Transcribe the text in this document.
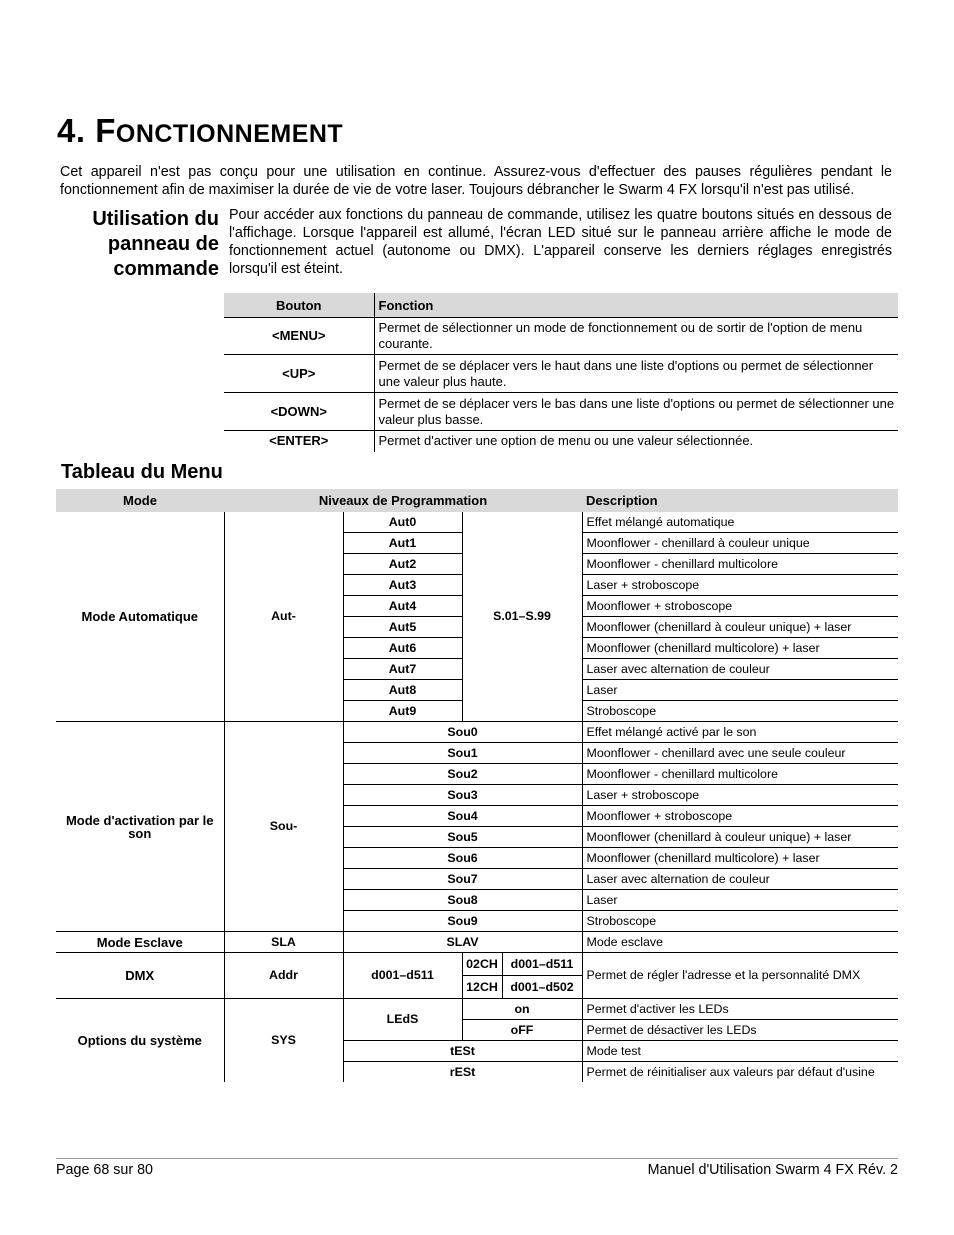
4. FONCTIONNEMENT
Cet appareil n'est pas conçu pour une utilisation en continue. Assurez-vous d'effectuer des pauses régulières pendant le fonctionnement afin de maximiser la durée de vie de votre laser. Toujours débrancher le Swarm 4 FX lorsqu'il n'est pas utilisé.
Utilisation du
panneau de
commande
Pour accéder aux fonctions du panneau de commande, utilisez les quatre boutons situés en dessous de l'affichage. Lorsque l'appareil est allumé, l'écran LED situé sur le panneau arrière affiche le mode de fonctionnement actuel (autonome ou DMX). L'appareil conserve les derniers réglages enregistrés lorsqu'il est éteint.
Bouton	Fonction
<MENU>	Permet de sélectionner un mode de fonctionnement ou de sortir de l'option de menu courante.
<UP>	Permet de se déplacer vers le haut dans une liste d'options ou permet de sélectionner une valeur plus haute.
<DOWN>	Permet de se déplacer vers le bas dans une liste d'options ou permet de sélectionner une valeur plus basse.
<ENTER>	Permet d'activer une option de menu ou une valeur sélectionnée.
Tableau du Menu
Mode	Niveaux de Programmation				Description
Mode Automatique	Aut-	Aut0	S.01–S.99		Effet mélangé automatique
		Aut1			Moonflower - chenillard à couleur unique
		Aut2			Moonflower - chenillard multicolore
		Aut3			Laser + stroboscope
		Aut4			Moonflower + stroboscope
		Aut5			Moonflower (chenillard à couleur unique) + laser
		Aut6			Moonflower (chenillard multicolore) + laser
		Aut7			Laser avec alternation de couleur
		Aut8			Laser
		Aut9			Stroboscope
Mode d'activation par le son	Sou-	Sou0			Effet mélangé activé par le son
		Sou1			Moonflower - chenillard avec une seule couleur
		Sou2			Moonflower - chenillard multicolore
		Sou3			Laser + stroboscope
		Sou4			Moonflower + stroboscope
		Sou5			Moonflower (chenillard à couleur unique) + laser
		Sou6			Moonflower (chenillard multicolore) + laser
		Sou7			Laser avec alternation de couleur
		Sou8			Laser
		Sou9			Stroboscope
Mode Esclave	SLA	SLAV			Mode esclave
DMX	Addr	d001–d511	02CH	d001–d511	Permet de régler l'adresse et la personnalité DMX
			12CH	d001–d502	
Options du système	SYS	LEdS	on		Permet d'activer les LEDs
			oFF		Permet de désactiver les LEDs
		tESt			Mode test
		rESt			Permet de réinitialiser aux valeurs par défaut d'usine
Page 68 sur 80	Manuel d'Utilisation Swarm 4 FX Rév. 2
